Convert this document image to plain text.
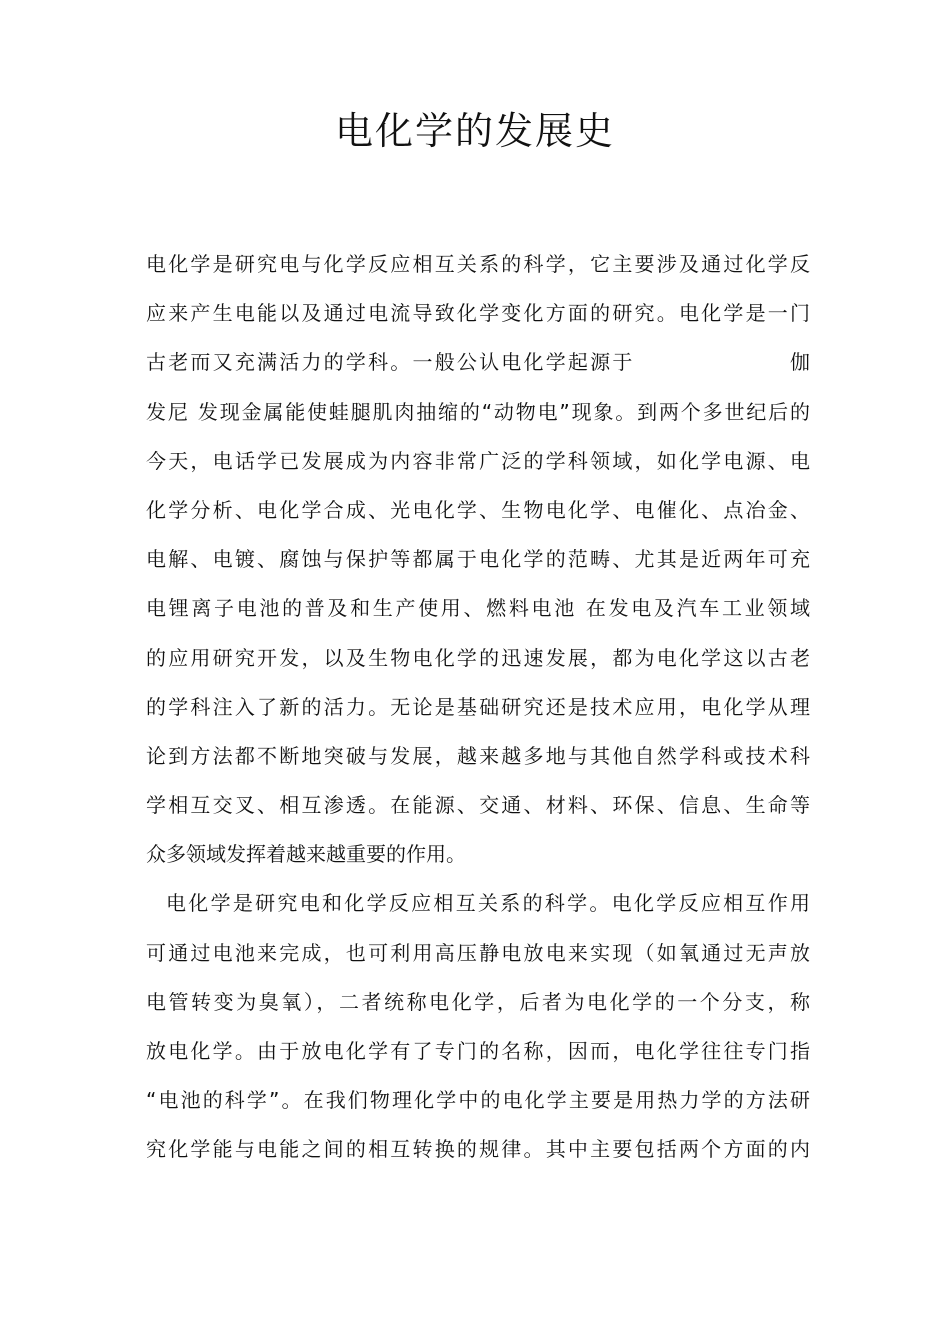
电化学的发展史
电化学是研究电与化学反应相互关系的科学，它主要涉及通过化学反
应来产生电能以及通过电流导致化学变化方面的研究。电化学是一门
古老而又充满活力的学科。一般公认电化学起源于　　　　　　　伽
发尼 发现金属能使蛙腿肌肉抽缩的“动物电”现象。到两个多世纪后的
今天，电话学已发展成为内容非常广泛的学科领域，如化学电源、电
化学分析、电化学合成、光电化学、生物电化学、电催化、点冶金、
电解、电镀、腐蚀与保护等都属于电化学的范畴、尤其是近两年可充
电锂离子电池的普及和生产使用、燃料电池 在发电及汽车工业领域
的应用研究开发，以及生物电化学的迅速发展，都为电化学这以古老
的学科注入了新的活力。无论是基础研究还是技术应用，电化学从理
论到方法都不断地突破与发展，越来越多地与其他自然学科或技术科
学相互交叉、相互渗透。在能源、交通、材料、环保、信息、生命等
众多领域发挥着越来越重要的作用。
电化学是研究电和化学反应相互关系的科学。电化学反应相互作用
可通过电池来完成，也可利用高压静电放电来实现（如氧通过无声放
电管转变为臭氧），二者统称电化学，后者为电化学的一个分支，称
放电化学。由于放电化学有了专门的名称，因而，电化学往往专门指
“电池的科学”。在我们物理化学中的电化学主要是用热力学的方法研
究化学能与电能之间的相互转换的规律。其中主要包括两个方面的内
